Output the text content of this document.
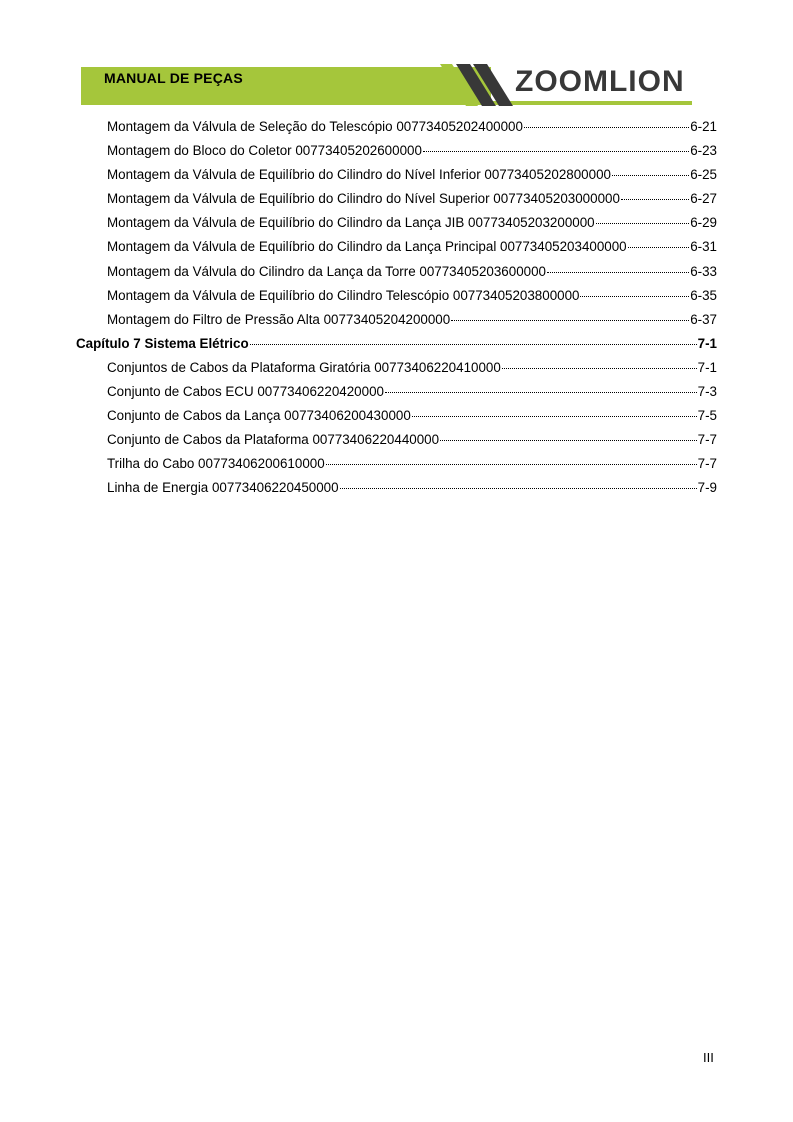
MANUAL DE PEÇAS	ZOOMLION
Montagem da Válvula de Seleção do Telescópio 00773405202400000	6-21
Montagem do Bloco do Coletor 00773405202600000	6-23
Montagem da Válvula de Equilíbrio do Cilindro do Nível Inferior 00773405202800000	6-25
Montagem da Válvula de Equilíbrio do Cilindro do Nível Superior 00773405203000000	6-27
Montagem da Válvula de Equilíbrio do Cilindro da Lança JIB 00773405203200000	6-29
Montagem da Válvula de Equilíbrio do Cilindro da Lança Principal 00773405203400000	6-31
Montagem da Válvula do Cilindro da Lança da Torre 00773405203600000	6-33
Montagem da Válvula de Equilíbrio do Cilindro Telescópio 00773405203800000	6-35
Montagem do Filtro de Pressão Alta 00773405204200000	6-37
Capítulo 7 Sistema Elétrico	7-1
Conjuntos de Cabos da Plataforma Giratória 00773406220410000	7-1
Conjunto de Cabos ECU 00773406220420000	7-3
Conjunto de Cabos da Lança 00773406200430000	7-5
Conjunto de Cabos da Plataforma 00773406220440000	7-7
Trilha do Cabo 00773406200610000	7-7
Linha de Energia 00773406220450000	7-9
III
